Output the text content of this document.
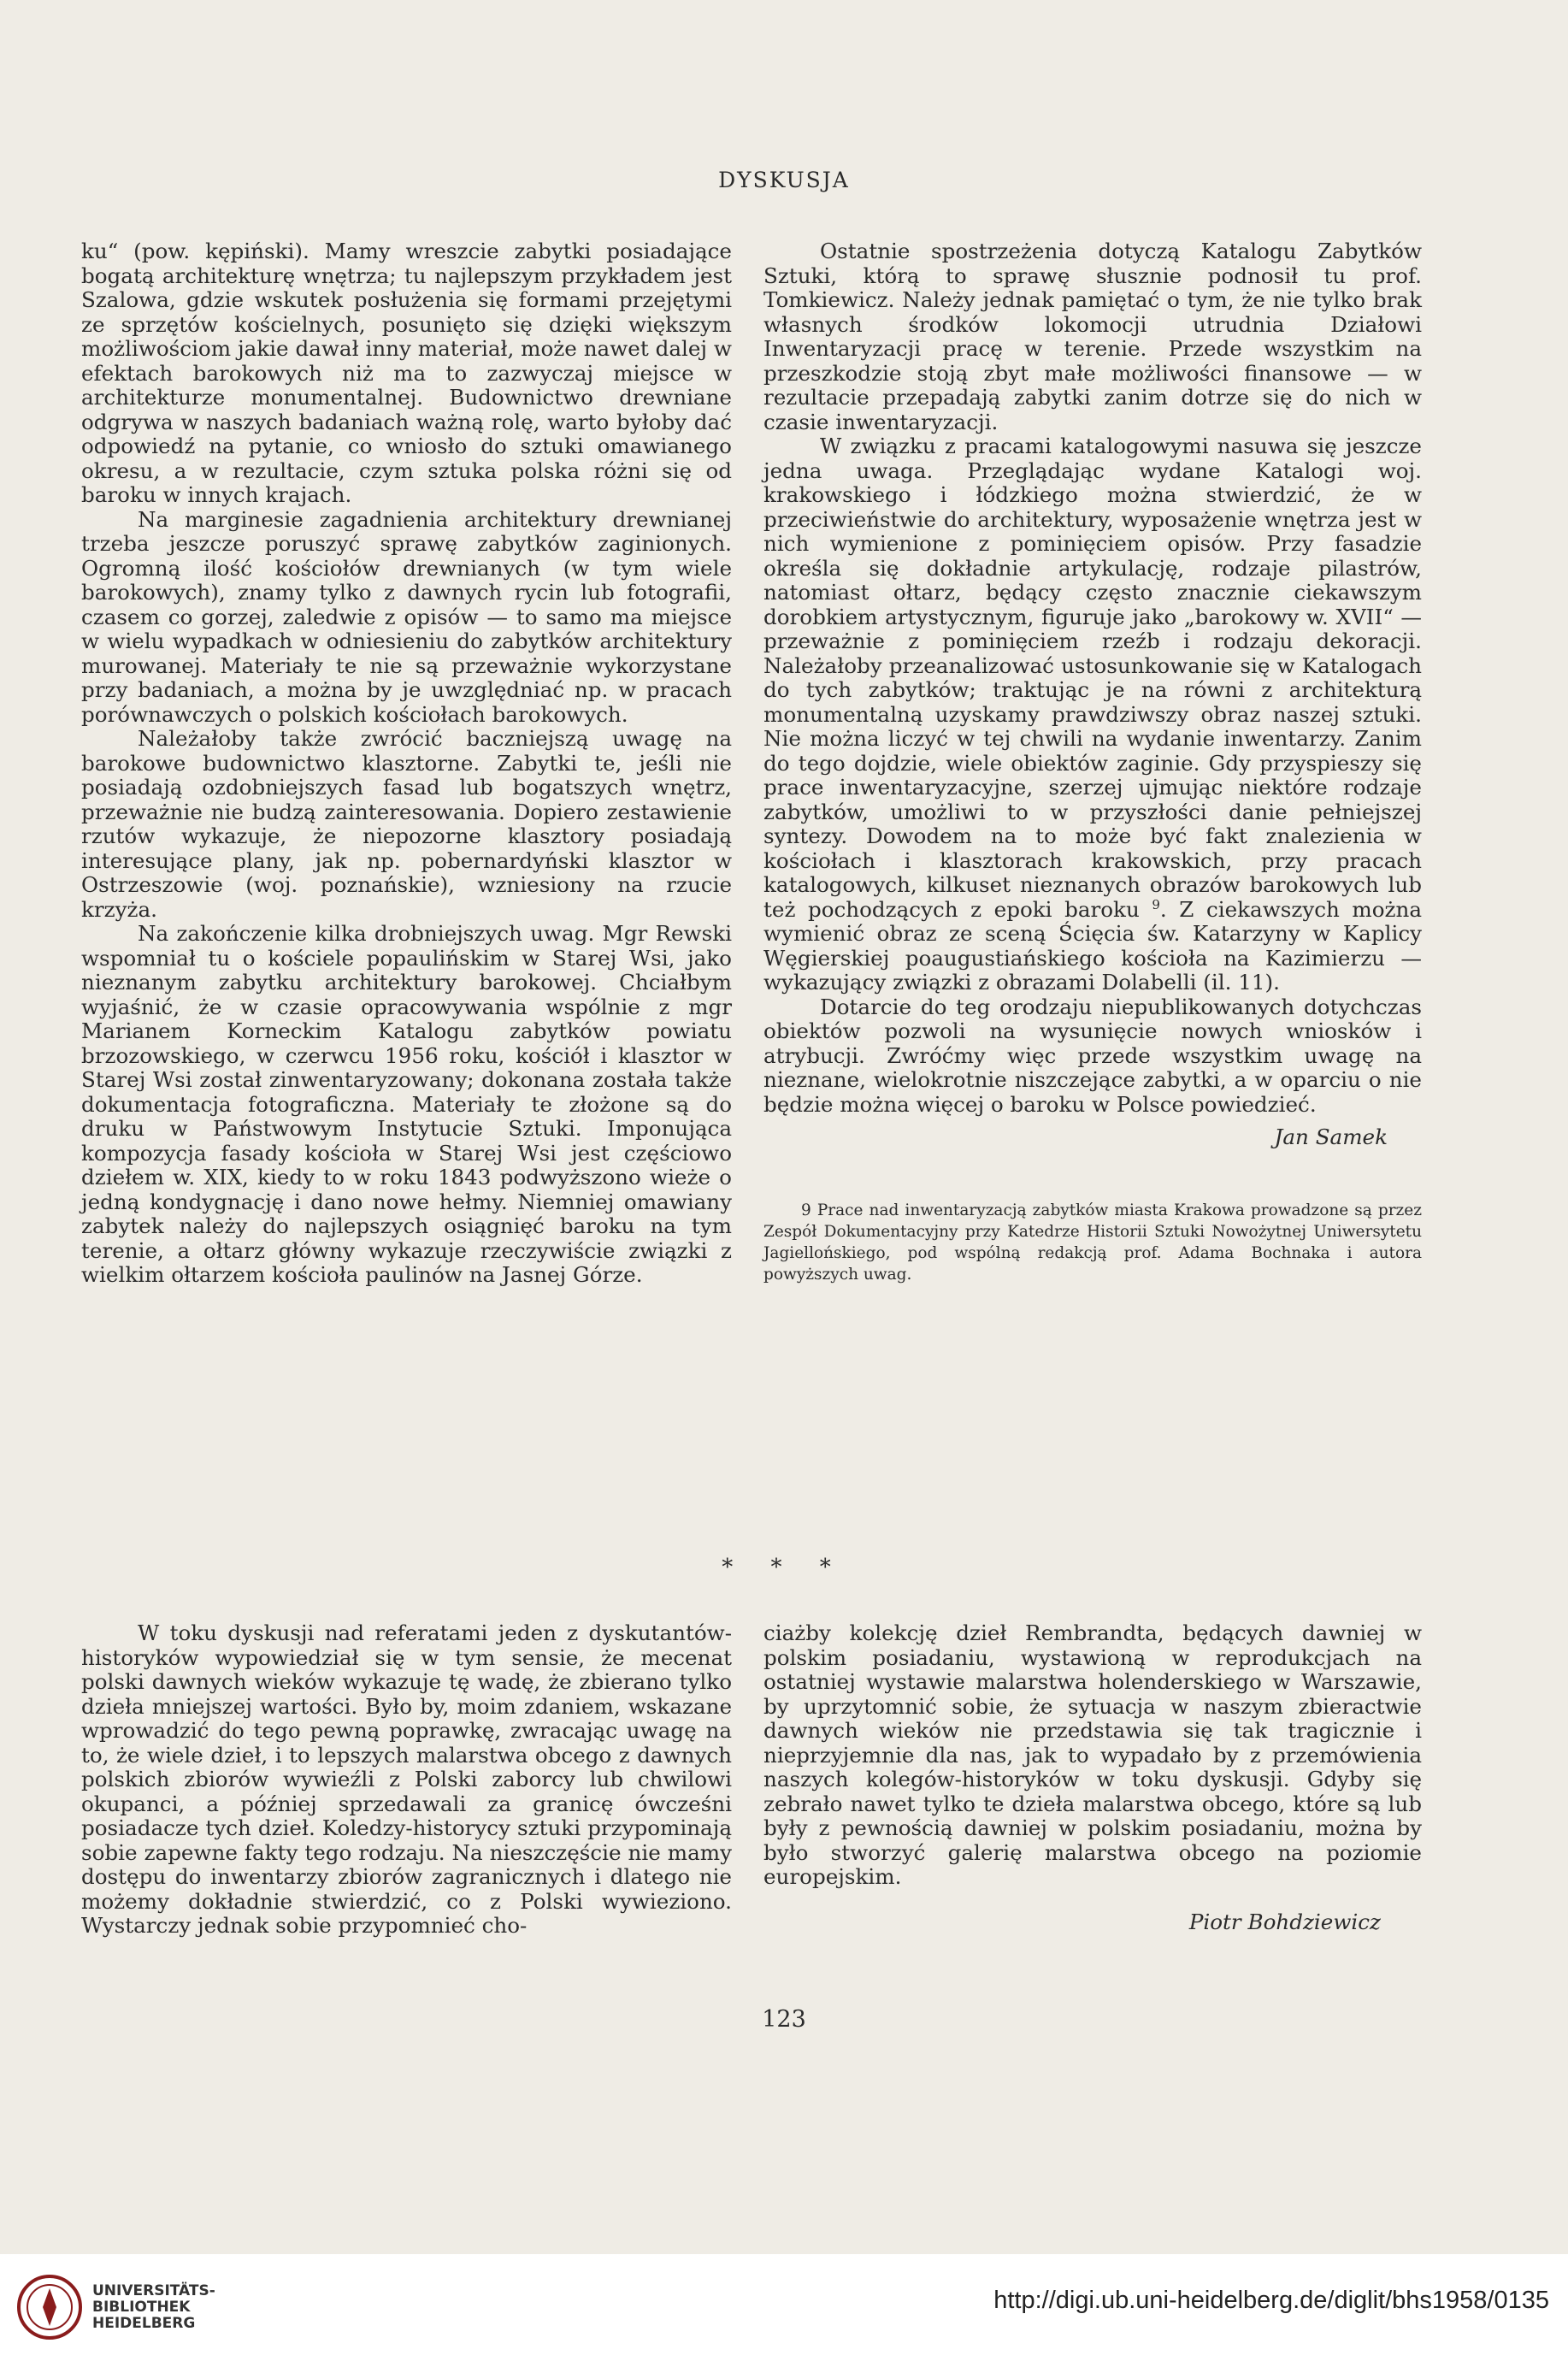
DYSKUSJA

ku“ (pow. kępiński). Mamy wreszcie zabytki posiadające bogatą architekturę wnętrza; tu najlepszym przykładem jest Szalowa, gdzie wskutek posłużenia się formami przejętymi ze sprzętów kościelnych, posunięto się dzięki większym możliwościom jakie dawał inny materiał, może nawet dalej w efektach barokowych niż ma to zazwyczaj miejsce w architekturze monumentalnej. Budownictwo drewniane odgrywa w naszych badaniach ważną rolę, warto byłoby dać odpowiedź na pytanie, co wniosło do sztuki omawianego okresu, a w rezultacie, czym sztuka polska różni się od baroku w innych krajach.

Na marginesie zagadnienia architektury drewnianej trzeba jeszcze poruszyć sprawę zabytków zaginionych. Ogromną ilość kościołów drewnianych (w tym wiele barokowych), znamy tylko z dawnych rycin lub fotografii, czasem co gorzej, zaledwie z opisów — to samo ma miejsce w wielu wypadkach w odniesieniu do zabytków architektury murowanej. Materiały te nie są przeważnie wykorzystane przy badaniach, a można by je uwzględniać np. w pracach porównawczych o polskich kościołach barokowych.

Należałoby także zwrócić baczniejszą uwagę na barokowe budownictwo klasztorne. Zabytki te, jeśli nie posiadają ozdobniejszych fasad lub bogatszych wnętrz, przeważnie nie budzą zainteresowania. Dopiero zestawienie rzutów wykazuje, że niepozorne klasztory posiadają interesujące plany, jak np. pobernardyński klasztor w Ostrzeszowie (woj. poznańskie), wzniesiony na rzucie krzyża.

Na zakończenie kilka drobniejszych uwag. Mgr Rewski wspomniał tu o kościele popaulińskim w Starej Wsi, jako nieznanym zabytku architektury barokowej. Chciałbym wyjaśnić, że w czasie opracowywania wspólnie z mgr Marianem Korneckim Katalogu zabytków powiatu brzozowskiego, w czerwcu 1956 roku, kościół i klasztor w Starej Wsi został zinwentaryzowany; dokonana została także dokumentacja fotograficzna. Materiały te złożone są do druku w Państwowym Instytucie Sztuki. Imponująca kompozycja fasady kościoła w Starej Wsi jest częściowo dziełem w. XIX, kiedy to w roku 1843 podwyższono wieże o jedną kondygnację i dano nowe hełmy. Niemniej omawiany zabytek należy do najlepszych osiągnięć baroku na tym terenie, a ołtarz główny wykazuje rzeczywiście związki z wielkim ołtarzem kościoła paulinów na Jasnej Górze.

Ostatnie spostrzeżenia dotyczą Katalogu Zabytków Sztuki, którą to sprawę słusznie podnosił tu prof. Tomkiewicz. Należy jednak pamiętać o tym, że nie tylko brak własnych środków lokomocji utrudnia Działowi Inwentaryzacji pracę w terenie. Przede wszystkim na przeszkodzie stoją zbyt małe możliwości finansowe — w rezultacie przepadają zabytki zanim dotrze się do nich w czasie inwentaryzacji.

W związku z pracami katalogowymi nasuwa się jeszcze jedna uwaga. Przeglądając wydane Katalogi woj. krakowskiego i łódzkiego można stwierdzić, że w przeciwieństwie do architektury, wyposażenie wnętrza jest w nich wymienione z pominięciem opisów. Przy fasadzie określa się dokładnie artykulację, rodzaje pilastrów, natomiast ołtarz, będący często znacznie ciekawszym dorobkiem artystycznym, figuruje jako „barokowy w. XVII“ — przeważnie z pominięciem rzeźb i rodzaju dekoracji. Należałoby przeanalizować ustosunkowanie się w Katalogach do tych zabytków; traktując je na równi z architekturą monumentalną uzyskamy prawdziwszy obraz naszej sztuki. Nie można liczyć w tej chwili na wydanie inwentarzy. Zanim do tego dojdzie, wiele obiektów zaginie. Gdy przyspieszy się prace inwentaryzacyjne, szerzej ujmując niektóre rodzaje zabytków, umożliwi to w przyszłości danie pełniejszej syntezy. Dowodem na to może być fakt znalezienia w kościołach i klasztorach krakowskich, przy pracach katalogowych, kilkuset nieznanych obrazów barokowych lub też pochodzących z epoki baroku $^9$. Z ciekawszych można wymienić obraz ze sceną Ścięcia św. Katarzyny w Kaplicy Węgierskiej poaugustiańskiego kościoła na Kazimierzu — wykazujący związki z obrazami Dolabelli (il. 11).

Dotarcie do teg orodzaju niepublikowanych dotychczas obiektów pozwoli na wysunięcie nowych wniosków i atrybucji. Zwróćmy więc przede wszystkim uwagę na nieznane, wielokrotnie niszczejące zabytki, a w oparciu o nie będzie można więcej o baroku w Polsce powiedzieć.

Jan Samek

9 Prace nad inwentaryzacją zabytków miasta Krakowa prowadzone są przez Zespół Dokumentacyjny przy Katedrze Historii Sztuki Nowożytnej Uniwersytetu Jagiellońskiego, pod wspólną redakcją prof. Adama Bochnaka i autora powyższych uwag.

* * *

W toku dyskusji nad referatami jeden z dyskutantów-historyków wypowiedział się w tym sensie, że mecenat polski dawnych wieków wykazuje tę wadę, że zbierano tylko dzieła mniejszej wartości. Było by, moim zdaniem, wskazane wprowadzić do tego pewną poprawkę, zwracając uwagę na to, że wiele dzieł, i to lepszych malarstwa obcego z dawnych polskich zbiorów wywieźli z Polski zaborcy lub chwilowi okupanci, a później sprzedawali za granicę ówcześni posiadacze tych dzieł. Koledzy-historycy sztuki przypominają sobie zapewne fakty tego rodzaju. Na nieszczęście nie mamy dostępu do inwentarzy zbiorów zagranicznych i dlatego nie możemy dokładnie stwierdzić, co z Polski wywieziono. Wystarczy jednak sobie przypomnieć cho-

ciażby kolekcję dzieł Rembrandta, będących dawniej w polskim posiadaniu, wystawioną w reprodukcjach na ostatniej wystawie malarstwa holenderskiego w Warszawie, by uprzytomnić sobie, że sytuacja w naszym zbieractwie dawnych wieków nie przedstawia się tak tragicznie i nieprzyjemnie dla nas, jak to wypadało by z przemówienia naszych kolegów-historyków w toku dyskusji. Gdyby się zebrało nawet tylko te dzieła malarstwa obcego, które są lub były z pewnością dawniej w polskim posiadaniu, można by było stworzyć galerię malarstwa obcego na poziomie europejskim.

Piotr Bohdziewicz
123
UNIVERSITÄTS-
BIBLIOTHEK
HEIDELBERG
http://digi.ub.uni-heidelberg.de/diglit/bhs1958/0135
